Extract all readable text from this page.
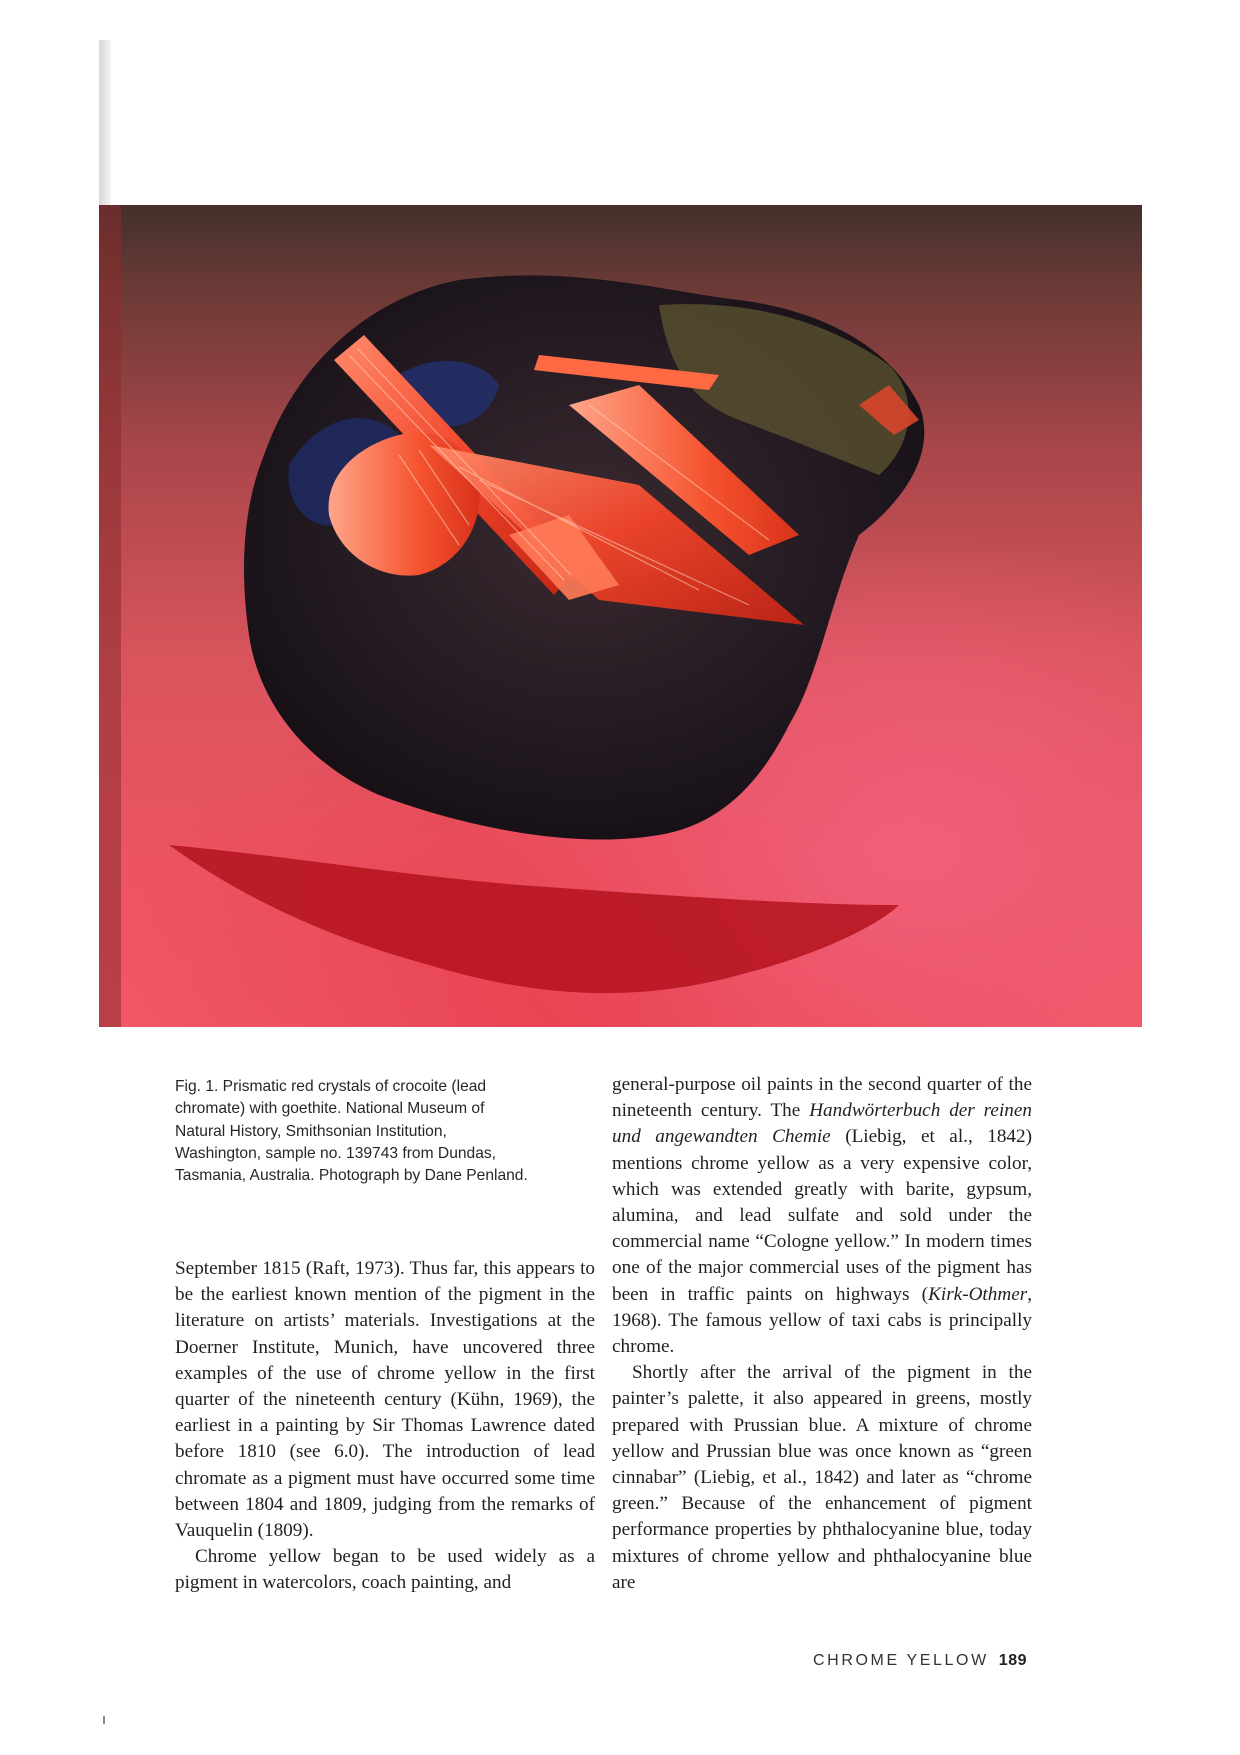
Fig. 1. Prismatic red crystals of crocoite (lead
chromate) with goethite. National Museum of
Natural History, Smithsonian Institution,
Washington, sample no. 139743 from Dundas,
Tasmania, Australia. Photograph by Dane Penland.

September 1815 (Raft, 1973). Thus far, this appears to be the earliest known mention of the pigment in the literature on artists’ materials. Investigations at the Doerner Institute, Munich, have uncovered three examples of the use of chrome yellow in the first quarter of the nineteenth century (Kühn, 1969), the earliest in a painting by Sir Thomas Lawrence dated before 1810 (see 6.0). The introduction of lead chromate as a pigment must have occurred some time between 1804 and 1809, judging from the remarks of Vauquelin (1809).

Chrome yellow began to be used widely as a pigment in watercolors, coach painting, and

general-purpose oil paints in the second quarter of the nineteenth century. The Handwörterbuch der reinen und angewandten Chemie (Liebig, et al., 1842) mentions chrome yellow as a very expensive color, which was extended greatly with barite, gypsum, alumina, and lead sulfate and sold under the commercial name “Cologne yellow.” In modern times one of the major commercial uses of the pigment has been in traffic paints on highways (Kirk-Othmer, 1968). The famous yellow of taxi cabs is principally chrome.

Shortly after the arrival of the pigment in the painter’s palette, it also appeared in greens, mostly prepared with Prussian blue. A mixture of chrome yellow and Prussian blue was once known as “green cinnabar” (Liebig, et al., 1842) and later as “chrome green.” Because of the enhancement of pigment performance properties by phthalocyanine blue, today mixtures of chrome yellow and phthalocyanine blue are

CHROME YELLOW 189
